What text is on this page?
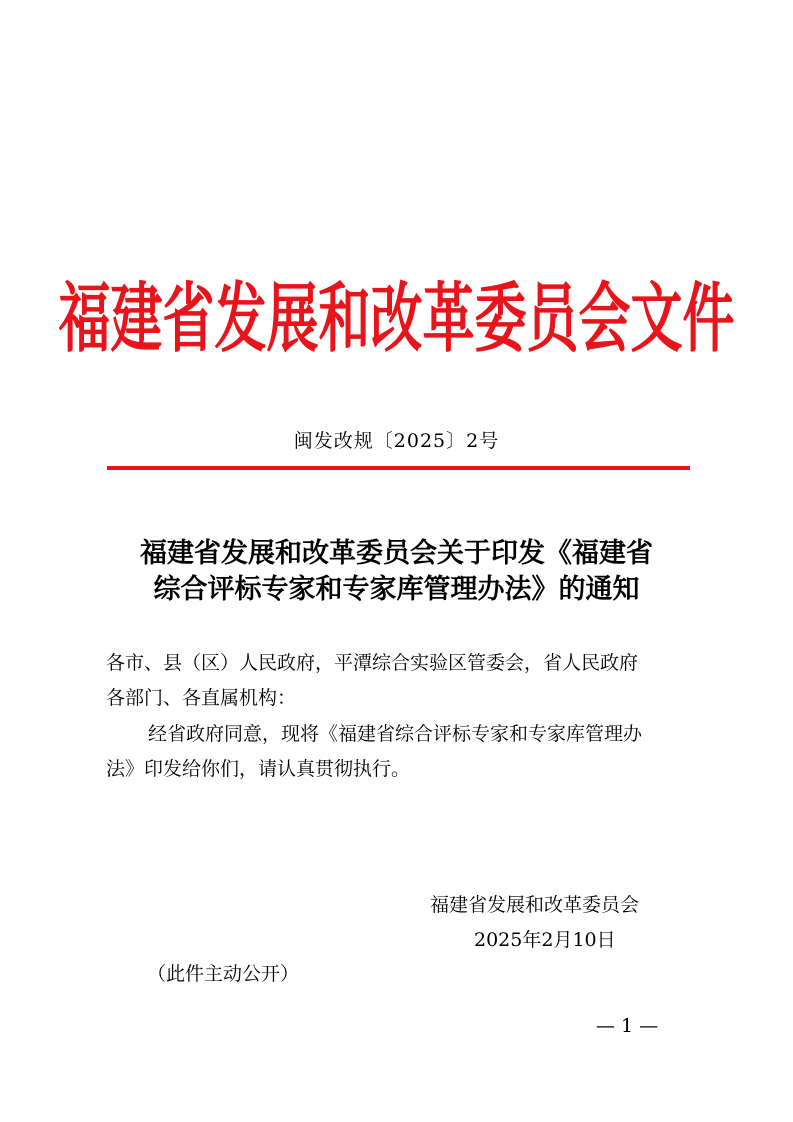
福建省发展和改革委员会文件
闽发改规〔2025〕2号
福建省发展和改革委员会关于印发《福建省
综合评标专家和专家库管理办法》的通知
各市、县（区）人民政府，平潭综合实验区管委会，省人民政府
各部门、各直属机构：
经省政府同意，现将《福建省综合评标专家和专家库管理办
法》印发给你们，请认真贯彻执行。
福建省发展和改革委员会
2025年2月10日
（此件主动公开）
— 1 —
